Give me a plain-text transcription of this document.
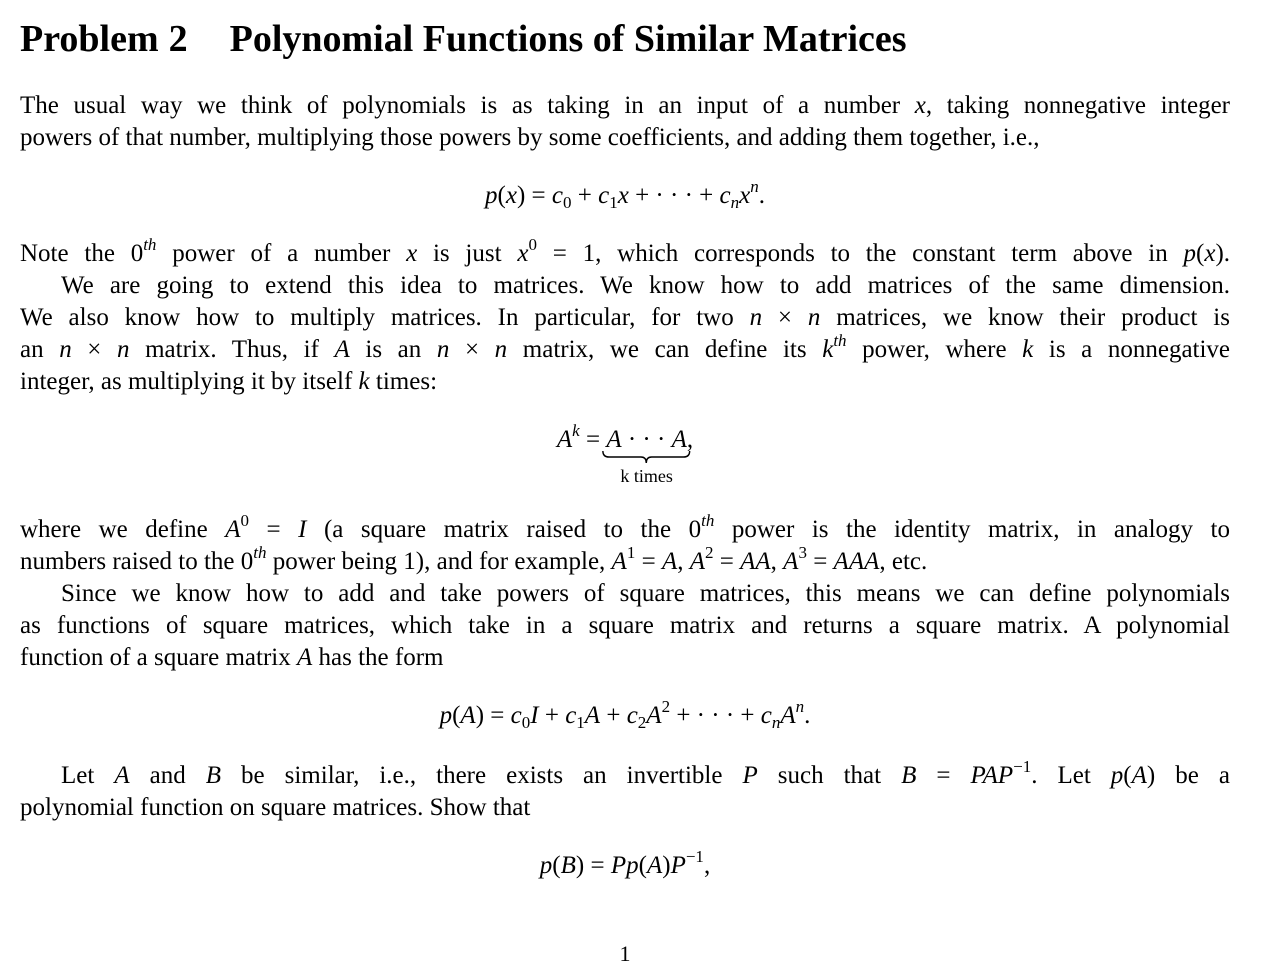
Problem 2 Polynomial Functions of Similar Matrices

The usual way we think of polynomials is as taking in an input of a number x, taking nonnegative integer
powers of that number, multiplying those powers by some coefficients, and adding them together, i.e.,

$p(x) = c_0 + c_1x$ + · · · + $c_nx^n$.

Note the 0th power of a number x is just $x^0 = 1$, which corresponds to the constant term above in p(x).
We are going to extend this idea to matrices. We know how to add matrices of the same dimension.
We also know how to multiply matrices. In particular, for two n × n matrices, we know their product is
an n × n matrix. Thus, if A is an n × n matrix, we can define its $k^{th}$ power, where k is a nonnegative
integer, as multiplying it by itself k times:

$A^k = A$ · · · A
k times
,

where we define $A^0 = I$ (a square matrix raised to the 0th power is the identity matrix, in analogy to
numbers raised to the 0th power being 1), and for example, $A^1 = A$, $A^2$ = AA, $A^3$ = AAA, etc.
Since we know how to add and take powers of square matrices, this means we can define polynomials
as functions of square matrices, which take in a square matrix and returns a square matrix. A polynomial
function of a square matrix A has the form

$p(A) = c_0I + c_1A + c_2A^2$ + · · · + $c_nA^n$.

Let A and B be similar, i.e., there exists an invertible P such that $B = PAP^{-1}$. Let p(A) be a
polynomial function on square matrices. Show that

$p(B) = Pp(A)P^{-1}$,
1
